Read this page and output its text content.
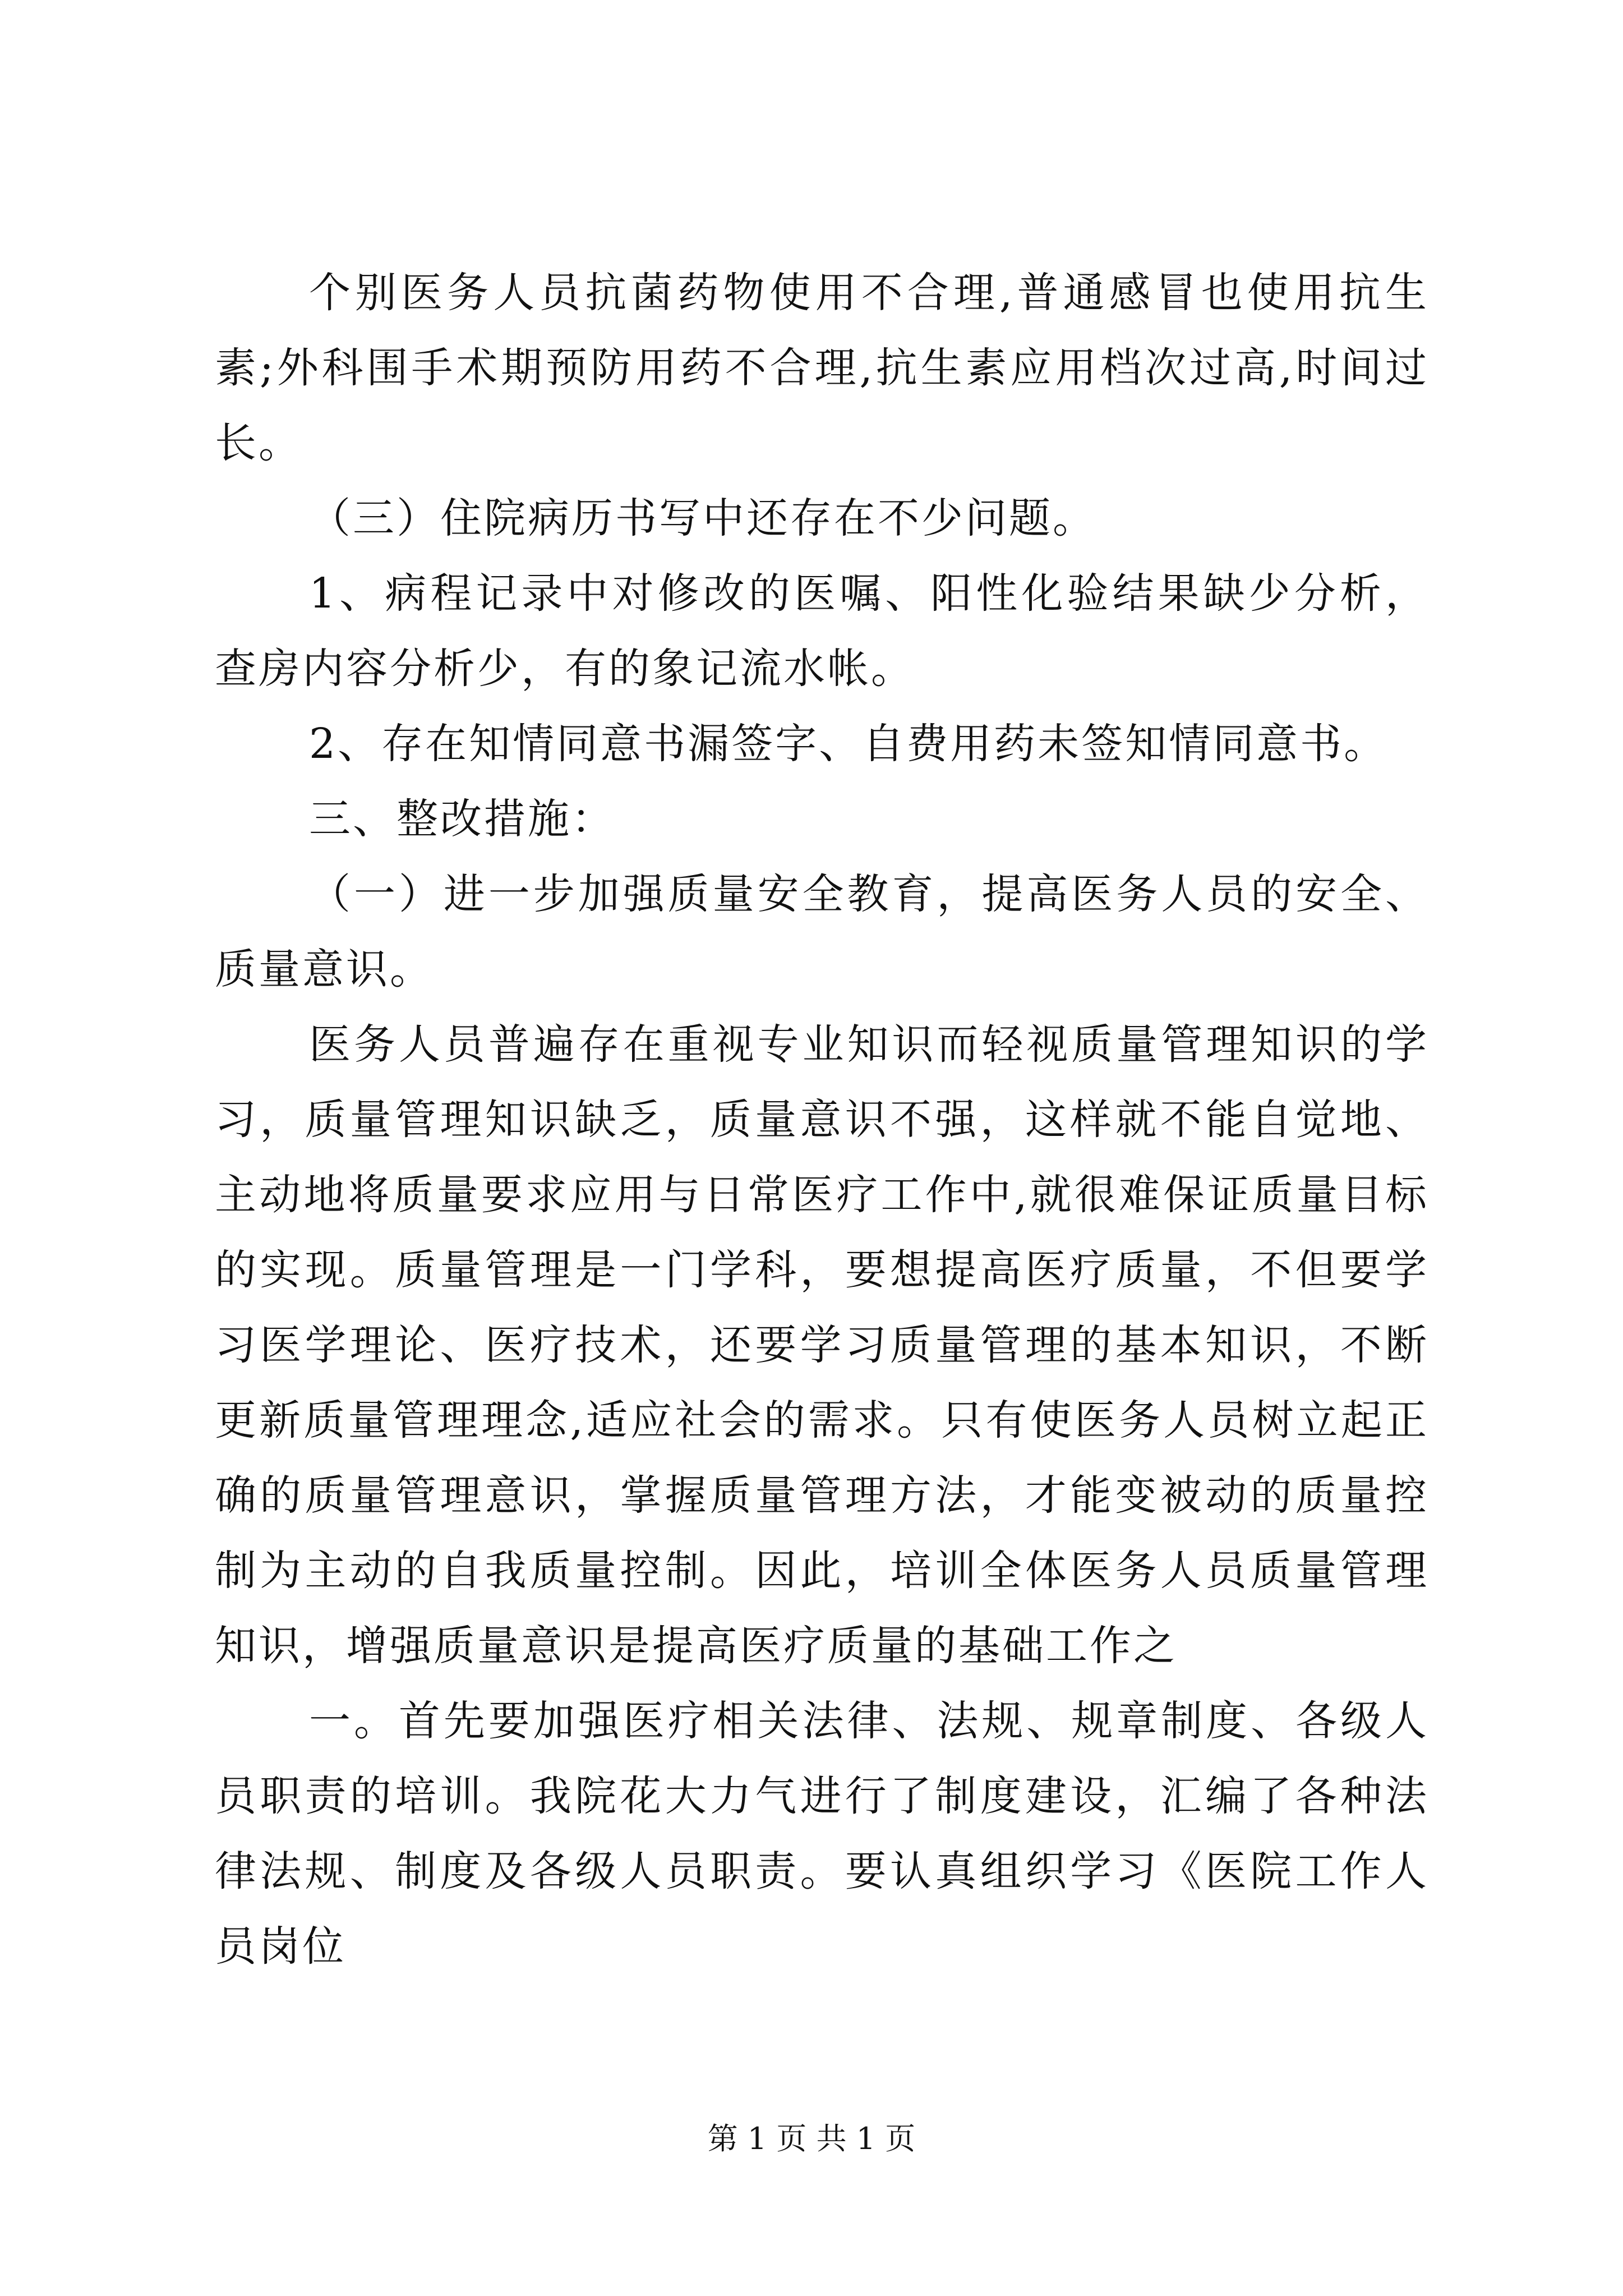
个别医务人员抗菌药物使用不合理,普通感冒也使用抗生素;外科围手术期预防用药不合理,抗生素应用档次过高,时间过长。

（三）住院病历书写中还存在不少问题。

1、病程记录中对修改的医嘱、阳性化验结果缺少分析，查房内容分析少，有的象记流水帐。

2、存在知情同意书漏签字、自费用药未签知情同意书。

三、整改措施：

（一）进一步加强质量安全教育，提高医务人员的安全、质量意识。

医务人员普遍存在重视专业知识而轻视质量管理知识的学习，质量管理知识缺乏，质量意识不强，这样就不能自觉地、主动地将质量要求应用与日常医疗工作中,就很难保证质量目标的实现。质量管理是一门学科，要想提高医疗质量，不但要学习医学理论、医疗技术，还要学习质量管理的基本知识，不断更新质量管理理念,适应社会的需求。只有使医务人员树立起正确的质量管理意识，掌握质量管理方法，才能变被动的质量控制为主动的自我质量控制。因此，培训全体医务人员质量管理知识，增强质量意识是提高医疗质量的基础工作之

一。首先要加强医疗相关法律、法规、规章制度、各级人员职责的培训。我院花大力气进行了制度建设，汇编了各种法律法规、制度及各级人员职责。要认真组织学习《医院工作人员岗位

第 1 页 共 1 页
